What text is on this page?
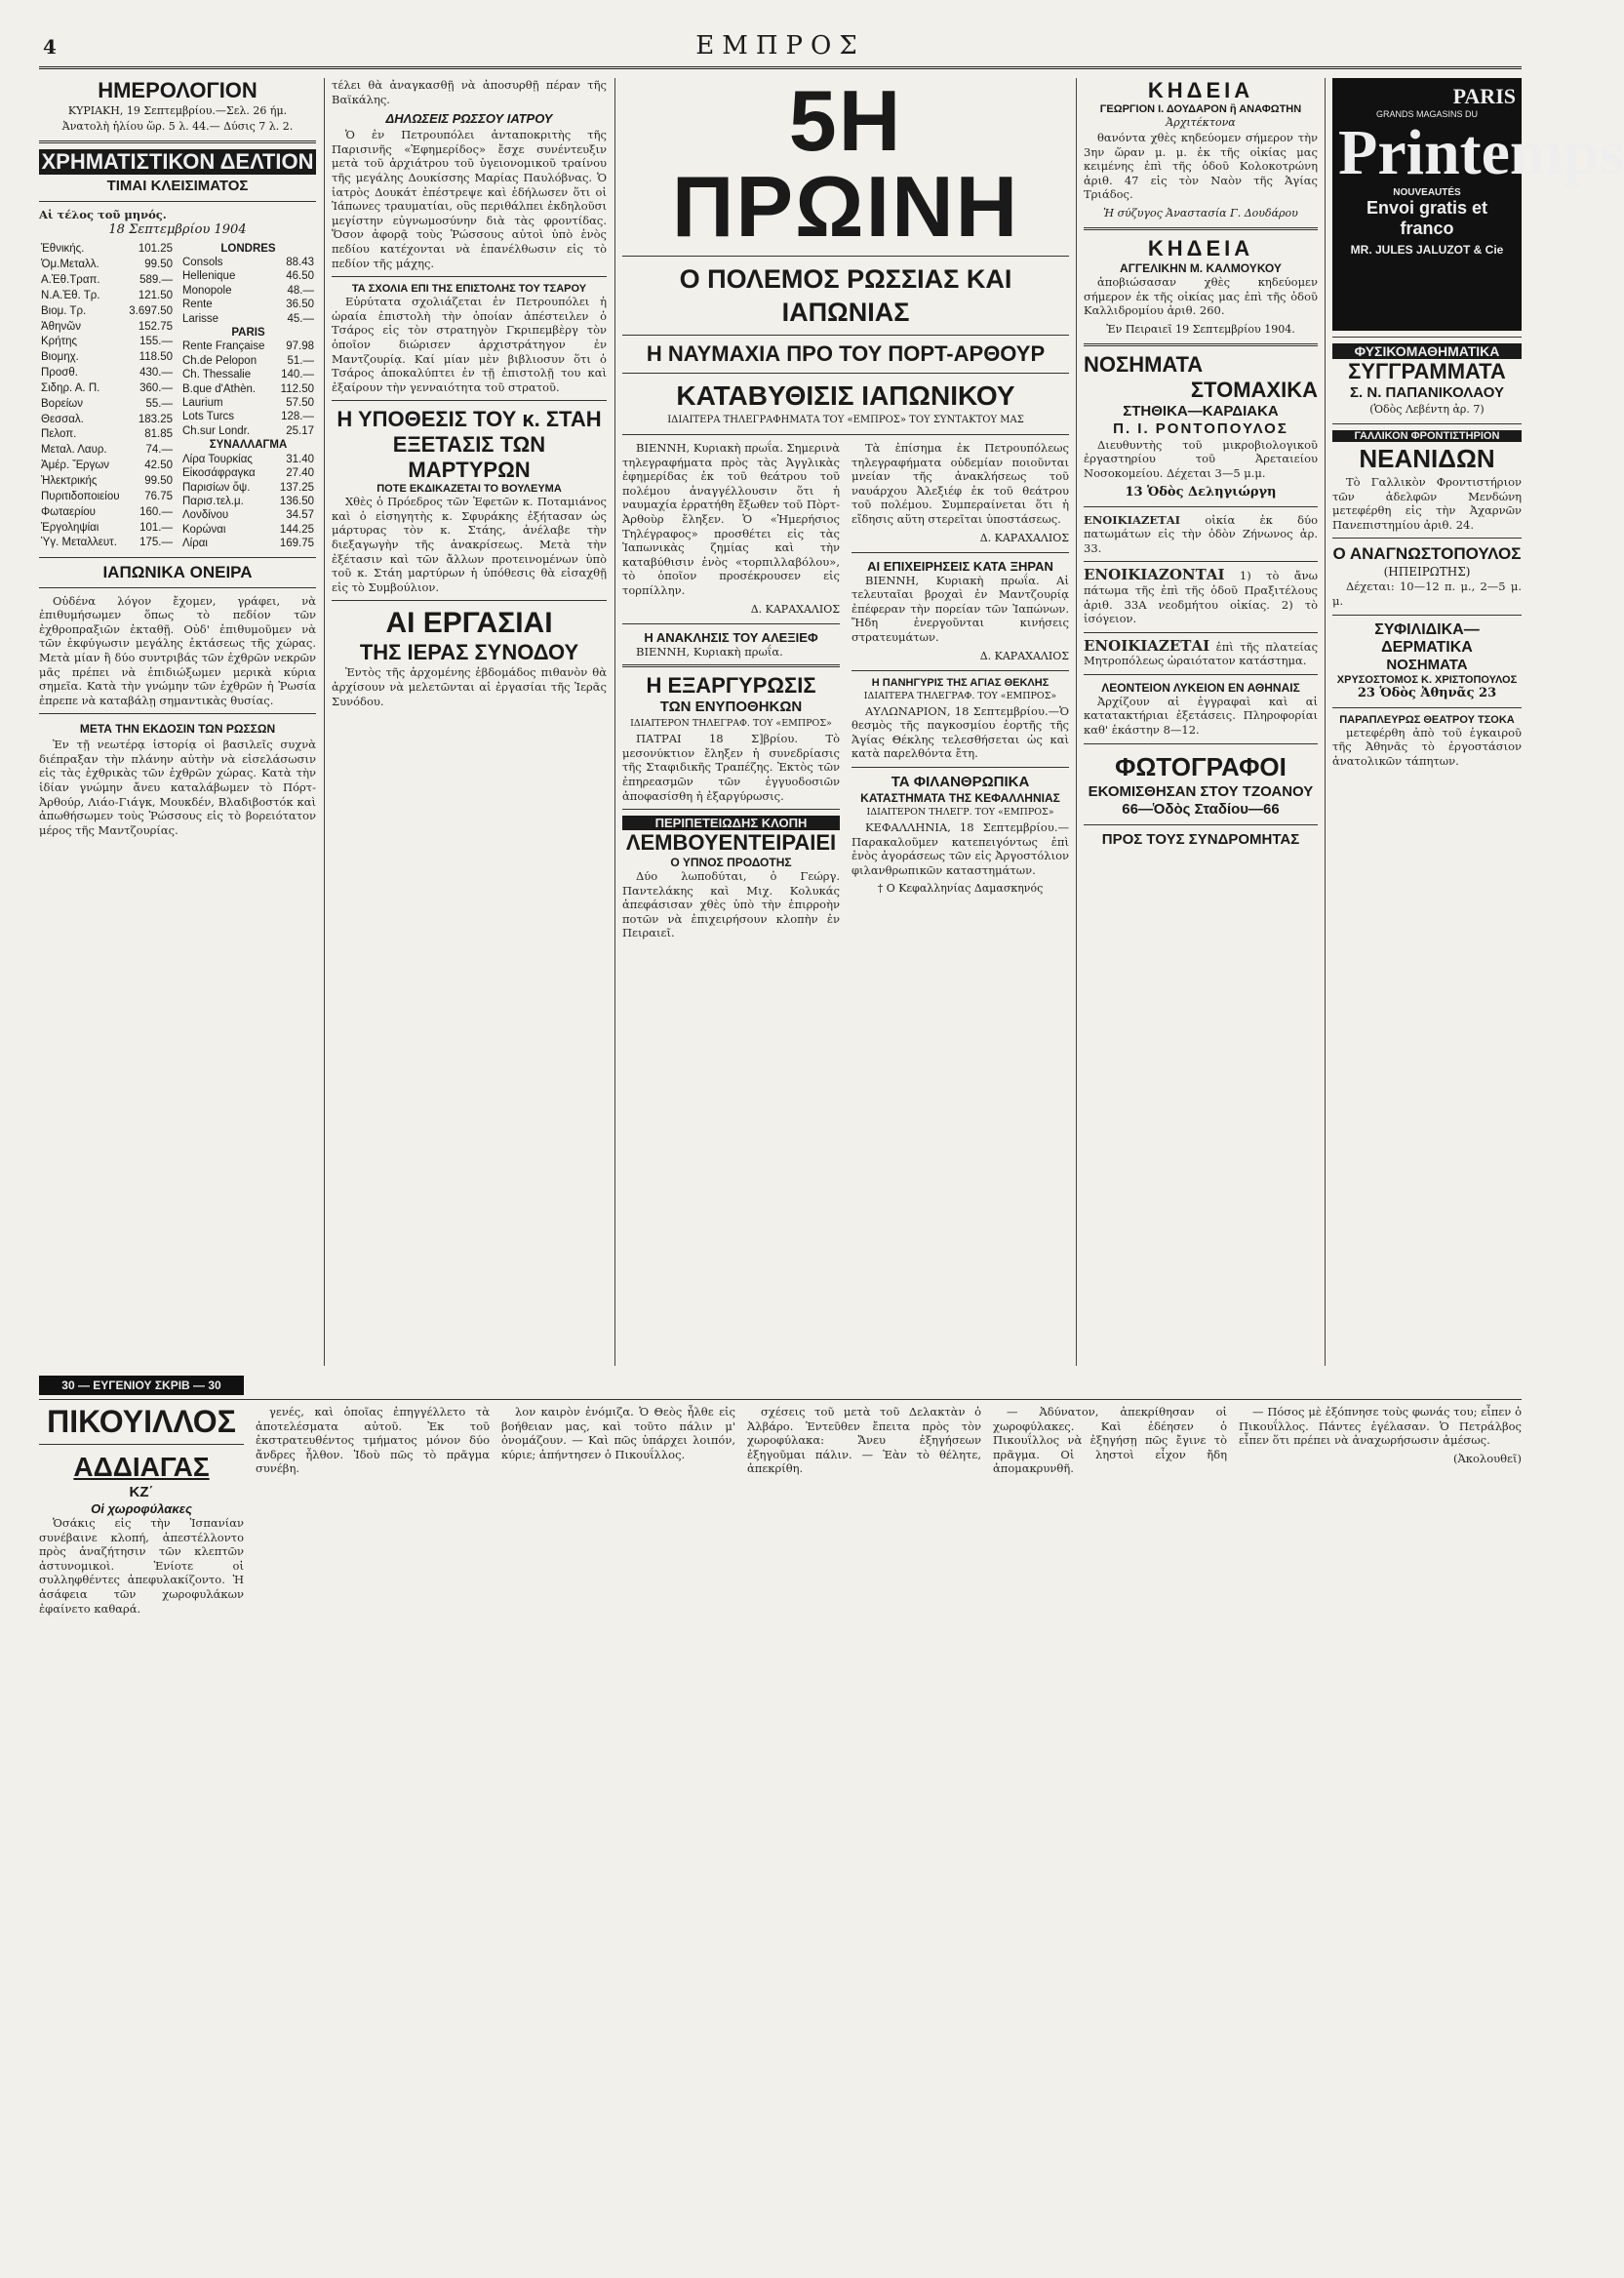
4	ΕΜΠΡΟΣ
ΗΜΕΡΟΛΟΓΙΟΝ
ΚΥΡΙΑΚΗ, 19 Σεπτεμβρίου.—Σελ. 26 ήμ.
Ἀνατολὴ ἡλίου ὥρ. 5 λ. 44.— Δύσις 7 λ. 2.
ΧΡΗΜΑΤΙΣΤΙΚΟΝ ΔΕΛΤΙΟΝ
ΤΙΜΑΙ ΚΛΕΙΣΙΜΑΤΟΣ
Αἱ τέλος τοῦ μηνός.
18 Σεπτεμβρίου 1904
Ἐθνικής.	101.25
Ὁμ.Μεταλλ.	99.50
Α.Ἐθ.Τραπ.	589.—
Ν.Α.Ἐθ. Τρ.	121.50
Βιομ. Τρ.	3.697.50
Ἀθηνῶν	152.75
Κρήτης	155.—
Βιομηχ.	118.50
Προσθ.	430.—
Σιδηρ. Α. Π.	360.—
Βορείων	55.—
Θεσσαλ.	183.25
Πελοπ.	81.85
Μεταλ. Λαυρ.	74.—
Ἀμέρ. Ἔργων	42.50
Ἠλεκτρικής	99.50
Πυριτιδοποιείου	76.75
Φωταερίου	160.—
Ἐργοληψίαι	101.—
Ὑγ. Μεταλλευτ.	175.—
LONDRES	
Consols	88.43
Hellenique	46.50
Monopole	48.—
Rente	36.50
Larisse	45.—
PARIS	
Rente Française	97.98
Ch.de Pelopon	51.—
Ch. Thessalie	140.—
B.que d'Athèn.	112.50
Laurium	57.50
Lots Turcs	128.—
Ch.sur Londr.	25.17
ΣΥΝΑΛΛΑΓΜΑ	
Λίρα Τουρκίας	31.40
Εἰκοσάφραγκα	27.40
Παρισίων ὄψ.	137.25
Παρισ.τελ.μ.	136.50
Λονδίνου	34.57
Κορώναι	144.25
Λίραι	169.75
ΙΑΠΩΝΙΚΑ ΟΝΕΙΡΑ

Οὐδένα λόγον ἔχομεν, γράφει, νὰ ἐπιθυμήσωμεν ὅπως τὸ πεδίον τῶν ἐχθροπραξιῶν ἐκταθῇ. Οὐδ' ἐπιθυμοῦμεν νὰ τῶν ἐκφύγωσιν μεγάλης ἐκτάσεως τῆς χώρας. Μετὰ μίαν ἢ δύο συντριβάς τῶν ἐχθρῶν νεκρῶν μᾶς πρέπει νὰ ἐπιδιώξωμεν μερικὰ κύρια σημεῖα. Κατὰ τὴν γνώμην τῶν ἐχθρῶν ἡ Ῥωσία ἐπρεπε νὰ καταβάλῃ σημαντικὰς θυσίας.

ΜΕΤΑ ΤΗΝ ΕΚΔΟΣΙΝ ΤΩΝ ΡΩΣΣΩΝ

Ἐν τῇ νεωτέρᾳ ἱστορίᾳ οἱ βασιλεῖς συχνὰ διέπραξαν τὴν πλάνην αὐτὴν νὰ εἰσελάσωσιν εἰς τὰς ἐχθρικὰς τῶν ἐχθρῶν χώρας. Κατὰ τὴν ἰδίαν γνώμην ἄνευ καταλάβωμεν τὸ Πόρτ-Ἀρθούρ, Λιάο-Γιάγκ, Μουκδέν, Βλαδιβοστόκ καὶ ἀπωθήσωμεν τοὺς Ῥώσσους εἰς τὸ βορειότατον μέρος τῆς Μαντζουρίας.

τέλει θὰ ἀναγκασθῇ νὰ ἀποσυρθῇ πέραν τῆς Βαϊκάλης.

ΔΗΛΩΣΕΙΣ ΡΩΣΣΟΥ ΙΑΤΡΟΥ

Ὁ ἐν Πετρουπόλει ἀνταποκριτὴς τῆς Παρισινῆς «Ἐφημερίδος» ἔσχε συνέντευξιν μετὰ τοῦ ἀρχιάτρου τοῦ ὑγειονομικοῦ τραίνου τῆς μεγάλης Δουκίσσης Μαρίας Παυλόβνας. Ὁ ἰατρὸς Δουκάτ ἐπέστρεψε καὶ ἐδήλωσεν ὅτι οἱ Ἰάπωνες τραυματίαι, οὓς περιθάλπει ἐκδηλοῦσι μεγίστην εὐγνωμοσύνην διὰ τὰς φροντίδας. Ὅσον ἀφορᾷ τοὺς Ῥώσσους αὐτοὶ ὑπὸ ἑνὸς πεδίου κατέχονται νὰ ἐπανέλθωσιν εἰς τὸ πεδίον τῆς μάχης.

ΤΑ ΣΧΟΛΙΑ ΕΠΙ ΤΗΣ ΕΠΙΣΤΟΛΗΣ ΤΟΥ ΤΣΑΡΟΥ

Εὐρύτατα σχολιάζεται ἐν Πετρουπόλει ἡ ὡραία ἐπιστολὴ τὴν ὁποίαν ἀπέστειλεν ὁ Τσάρος εἰς τὸν στρατηγὸν Γκριπεμβὲργ τὸν ὁποῖον διώρισεν ἀρχιστράτηγον ἐν Μαντζουρίᾳ. Καί μίαν μὲν βιβλιοσυν ὅτι ὁ Τσάρος ἀποκαλύπτει ἐν τῇ ἐπιστολῇ του καὶ ἐξαίρουν τὴν γενναιότητα τοῦ στρατοῦ.

Η ΥΠΟΘΕΣΙΣ ΤΟΥ κ. ΣΤΑΗ
ΕΞΕΤΑΣΙΣ ΤΩΝ ΜΑΡΤΥΡΩΝ
ΠΟΤΕ ΕΚΔΙΚΑΖΕΤΑΙ ΤΟ ΒΟΥΛΕΥΜΑ

Χθὲς ὁ Πρόεδρος τῶν Ἐφετῶν κ. Ποταμιάνος καὶ ὁ εἰσηγητὴς κ. Σφυράκης ἐξήτασαν ὡς μάρτυρας τὸν κ. Στάης, ἀνέλαβε τὴν διεξαγωγὴν τῆς ἀνακρίσεως. Μετὰ τὴν ἐξέτασιν καὶ τῶν ἄλλων προτεινομένων ὑπὸ τοῦ κ. Στάη μαρτύρων ἡ ὑπόθεσις θὰ εἰσαχθῇ εἰς τὸ Συμβούλιον.

ΑΙ ΕΡΓΑΣΙΑΙ
ΤΗΣ ΙΕΡΑΣ ΣΥΝΟΔΟΥ

Ἐντὸς τῆς ἀρχομένης ἑβδομάδος πιθανὸν θὰ ἀρχίσουν νὰ μελετῶνται αἱ ἐργασίαι τῆς Ἱερᾶς Συνόδου.

5Η ΠΡΩΙΝΗ
Ο ΠΟΛΕΜΟΣ ΡΩΣΣΙΑΣ ΚΑΙ ΙΑΠΩΝΙΑΣ
Η ΝΑΥΜΑΧΙΑ ΠΡΟ ΤΟΥ ΠΟΡΤ-ΑΡΘΟΥΡ
ΚΑΤΑΒΥΘΙΣΙΣ ΙΑΠΩΝΙΚΟΥ
ΙΔΙΑΙΤΕΡΑ ΤΗΛΕΓΡΑΦΗΜΑΤΑ ΤΟΥ «ΕΜΠΡΟΣ» ΤΟΥ ΣΥΝΤΑΚΤΟΥ ΜΑΣ

ΒΙΕΝΝΗ, Κυριακὴ πρωΐα. Σημερινὰ τηλεγραφήματα πρὸς τὰς Ἀγγλικὰς ἐφημερίδας ἐκ τοῦ θεάτρου τοῦ πολέμου ἀναγγέλλουσιν ὅτι ἡ ναυμαχία ἐρρατήθη ἔξωθεν τοῦ Πὸρτ-Ἀρθοὺρ ἔληξεν. Ὁ «Ἡμερήσιος Τηλέγραφος» προσθέτει εἰς τὰς Ἰαπωνικὰς ζημίας καὶ τὴν καταβύθισιν ἑνὸς «τορπιλλαβόλου», τὸ ὁποῖον προσέκρουσεν εἰς τορπίλλην.

Δ. ΚΑΡΑΧΑΛΙΟΣ
Η ΑΝΑΚΛΗΣΙΣ ΤΟΥ ΑΛΕΞΙΕΦ

ΒΙΕΝΝΗ, Κυριακὴ πρωΐα.

Η ΕΞΑΡΓΥΡΩΣΙΣ
ΤΩΝ ΕΝΥΠΟΘΗΚΩΝ
ΙΔΙΑΙΤΕΡΟΝ ΤΗΛΕΓΡΑΦ. ΤΟΥ «ΕΜΠΡΟΣ»

ΠΑΤΡΑΙ 18 Σ]βρίου. Τὸ μεσονύκτιον ἔληξεν ἡ συνεδρίασις τῆς Σταφιδικῆς Τραπέζης. Ἐκτὸς τῶν ἐπηρεασμῶν τῶν ἐγγυοδοσιῶν ἀποφασίσθη ἡ ἐξαργύρωσις.

ΠΕΡΙΠΕΤΕΙΩΔΗΣ ΚΛΟΠΗ
ΛΕΜΒΟΥΕΝΤΕΙΡΑΙΕΙ
Ο ΥΠΝΟΣ ΠΡΟΔΟΤΗΣ

Δύο λωποδύται, ὁ Γεώργ. Παντελάκης καὶ Μιχ. Κολυκάς ἀπεφάσισαν χθὲς ὑπὸ τὴν ἐπιρροὴν ποτῶν νὰ ἐπιχειρήσουν κλοπὴν ἐν Πειραιεῖ.

Τὰ ἐπίσημα ἐκ Πετρουπόλεως τηλεγραφήματα οὐδεμίαν ποιοῦνται μνείαν τῆς ἀνακλήσεως τοῦ ναυάρχου Ἀλεξιέφ ἐκ τοῦ θεάτρου τοῦ πολέμου. Συμπεραίνεται ὅτι ἡ εἴδησις αὕτη στερεῖται ὑποστάσεως.

Δ. ΚΑΡΑΧΑΛΙΟΣ
ΑΙ ΕΠΙΧΕΙΡΗΣΕΙΣ ΚΑΤΑ ΞΗΡΑΝ

ΒΙΕΝΝΗ, Κυριακὴ πρωΐα. Αἱ τελευταῖαι βροχαὶ ἐν Μαντζουρίᾳ ἐπέφεραν τὴν πορείαν τῶν Ἰαπώνων. Ἤδη ἐνεργοῦνται κινήσεις στρατευμάτων.

Δ. ΚΑΡΑΧΑΛΙΟΣ
Η ΠΑΝΗΓΥΡΙΣ ΤΗΣ ΑΓΙΑΣ ΘΕΚΛΗΣ
ΙΔΙΑΙΤΕΡΑ ΤΗΛΕΓΡΑΦ. ΤΟΥ «ΕΜΠΡΟΣ»

ΑΥΛΩΝΑΡΙΟΝ, 18 Σεπτεμβρίου.—Ὁ θεσμὸς τῆς παγκοσμίου ἑορτῆς τῆς Ἁγίας Θέκλης τελεσθήσεται ὡς καὶ κατὰ παρελθόντα ἔτη.

ΤΑ ΦΙΛΑΝΘΡΩΠΙΚΑ
ΚΑΤΑΣΤΗΜΑΤΑ ΤΗΣ ΚΕΦΑΛΛΗΝΙΑΣ
ΙΔΙΑΙΤΕΡΟΝ ΤΗΛΕΓΡ. ΤΟΥ «ΕΜΠΡΟΣ»

ΚΕΦΑΛΛΗΝΙΑ, 18 Σεπτεμβρίου.—Παρακαλοῦμεν κατεπειγόντως ἐπὶ ἑνὸς ἀγοράσεως τῶν εἰς Ἀργοστόλιον φιλανθρωπικῶν καταστημάτων.

† Ο Κεφαλληνίας Δαμασκηνός
ΚΗΔΕΙΑ
ΓΕΩΡΓΙΟΝ Ι. ΔΟΥΔΑΡΟΝ ἢ ΑΝΑΦΩΤΗΝ
Ἀρχιτέκτονα

θανόντα χθὲς κηδεύομεν σήμερον τὴν 3ην ὥραν μ. μ. ἐκ τῆς οἰκίας μας κειμένης ἐπὶ τῆς ὁδοῦ Κολοκοτρώνη ἀριθ. 47 εἰς τὸν Ναὸν τῆς Ἁγίας Τριάδος.

Ἡ σύζυγος Ἀναστασία Γ. Δουδάρου
ΚΗΔΕΙΑ
ΑΓΓΕΛΙΚΗΝ Μ. ΚΑΛΜΟΥΚΟΥ

ἀποβιώσασαν χθὲς κηδεύομεν σήμερον ἐκ τῆς οἰκίας μας ἐπὶ τῆς ὁδοῦ Καλλιδρομίου ἀριθ. 260.

Ἐν Πειραιεῖ 19 Σεπτεμβρίου 1904.
ΝΟΣΗΜΑΤΑ
ΣΤΟΜΑΧΙΚΑ
ΣΤΗΘΙΚΑ—ΚΑΡΔΙΑΚΑ
Π. Ι. ΡΟΝΤΟΠΟΥΛΟΣ

Διευθυντὴς τοῦ μικροβιολογικοῦ ἐργαστηρίου τοῦ Ἀρεταιείου Νοσοκομείου. Δέχεται 3—5 μ.μ.

13 Ὁδὸς Δεληγιώργη

ΕΝΟΙΚΙΑΖΕΤΑΙ οἰκία ἐκ δύο πατωμάτων εἰς τὴν ὁδὸν Ζήνωνος ἀρ. 33.

ΕΝΟΙΚΙΑΖΟΝΤΑΙ 1) τὸ ἄνω πάτωμα τῆς ἐπὶ τῆς ὁδοῦ Πραξιτέλους ἀριθ. 33Α νεοδμήτου οἰκίας. 2) τὸ ἰσόγειον.

ΕΝΟΙΚΙΑΖΕΤΑΙ ἐπὶ τῆς πλατείας Μητροπόλεως ὡραιότατον κατάστημα.

ΛΕΟΝΤΕΙΟΝ ΛΥΚΕΙΟΝ ΕΝ ΑΘΗΝΑΙΣ

Ἀρχίζουν αἱ ἐγγραφαὶ καὶ αἱ κατατακτήριαι ἐξετάσεις. Πληροφορίαι καθ' ἑκάστην 8—12.

ΦΩΤΟΓΡΑΦΟΙ
ΕΚΟΜΙΣΘΗΣΑΝ ΣΤΟΥ ΤΖΟΑΝΟΥ
66—Ὁδὸς Σταδίου—66
ΠΡΟΣ ΤΟΥΣ ΣΥΝΔΡΟΜΗΤΑΣ
PARIS
GRANDS MAGASINS DU
Printemps
NOUVEAUTÉS
Envoi gratis et franco
MR. JULES JALUZOT & Cie
ΦΥΣΙΚΟΜΑΘΗΜΑΤΙΚΑ
ΣΥΓΓΡΑΜΜΑΤΑ
Σ. Ν. ΠΑΠΑΝΙΚΟΛΑΟΥ
(Ὁδὸς Λεβέντη ἀρ. 7)
ΓΑΛΛΙΚΟΝ ΦΡΟΝΤΙΣΤΗΡΙΟΝ
ΝΕΑΝΙΔΩΝ

Τὸ Γαλλικὸν Φροντιστήριον τῶν ἀδελφῶν Μενδώνη μετεφέρθη εἰς τὴν Ἀχαρνῶν Πανεπιστημίου ἀριθ. 24.

Ο ΑΝΑΓΝΩΣΤΟΠΟΥΛΟΣ
(ΗΠΕΙΡΩΤΗΣ)

Δέχεται: 10—12 π. μ., 2—5 μ. μ.

ΣΥΦΙΛΙΔΙΚΑ—ΔΕΡΜΑΤΙΚΑ
ΝΟΣΗΜΑΤΑ
ΧΡΥΣΟΣΤΟΜΟΣ Κ. ΧΡΙΣΤΟΠΟΥΛΟΣ
23 Ὁδὸς Ἀθηνᾶς 23
ΠΑΡΑΠΛΕΥΡΩΣ ΘΕΑΤΡΟΥ ΤΣΟΚΑ

μετεφέρθη ἀπὸ τοῦ ἐγκαιροῦ τῆς Ἀθηνᾶς τὸ ἐργοστάσιον ἀνατολικῶν τάπητων.

30 — ΕΥΓΕΝΙΟΥ ΣΚΡΙΒ — 30
ΠΙΚΟΥΙΛΛΟΣ
ΑΔΔΙΑΓΑΣ
ΚΖ΄
Οἱ χωροφύλακες

Ὁσάκις εἰς τὴν Ἰσπανίαν συνέβαινε κλοπή, ἀπεστέλλοντο πρὸς ἀναζήτησιν τῶν κλεπτῶν ἀστυνομικοὶ. Ἐνίοτε οἱ συλληφθέντες ἀπεφυλακίζοντο. Ἡ ἀσάφεια τῶν χωροφυλάκων ἐφαίνετο καθαρά.

γενές, καὶ ὁποῖας ἐπηγγέλλετο τὰ ἀποτελέσματα αὐτοῦ. Ἐκ τοῦ ἐκστρατευθέντος τμήματος μόνον δύο ἄνδρες ἦλθον. Ἰδοὺ πῶς τὸ πρᾶγμα συνέβη.

λον καιρὸν ἐνόμιζα. Ὁ Θεὸς ἦλθε εἰς βοήθειαν μας, καὶ τοῦτο πάλιν μ' ὀνομάζουν. — Καὶ πῶς ὑπάρχει λοιπόν, κύριε; ἀπήντησεν ὁ Πικουΐλλος.

σχέσεις τοῦ μετὰ τοῦ Δελακτὰν ὁ Ἀλβάρο. Ἐντεῦθεν ἔπειτα πρὸς τὸν χωροφύλακα: Ἄνευ ἐξηγήσεων ἐξηγοῦμαι πάλιν. — Ἐὰν τὸ θέλητε, ἀπεκρίθη.

— Ἀδύνατον, ἀπεκρίθησαν οἱ χωροφύλακες. Καὶ ἐδέησεν ὁ Πικουΐλλος νὰ ἐξηγήσῃ πῶς ἔγινε τὸ πρᾶγμα. Οἱ ληστοὶ εἶχον ἤδη ἀπομακρυνθῆ.

— Πόσος μὲ ἐξόπνησε τοὺς φωνάς του; εἶπεν ὁ Πικουΐλλος. Πάντες ἐγέλασαν. Ὁ Πετράλβος εἶπεν ὅτι πρέπει νὰ ἀναχωρήσωσιν ἀμέσως.

(Ἀκολουθεῖ)
